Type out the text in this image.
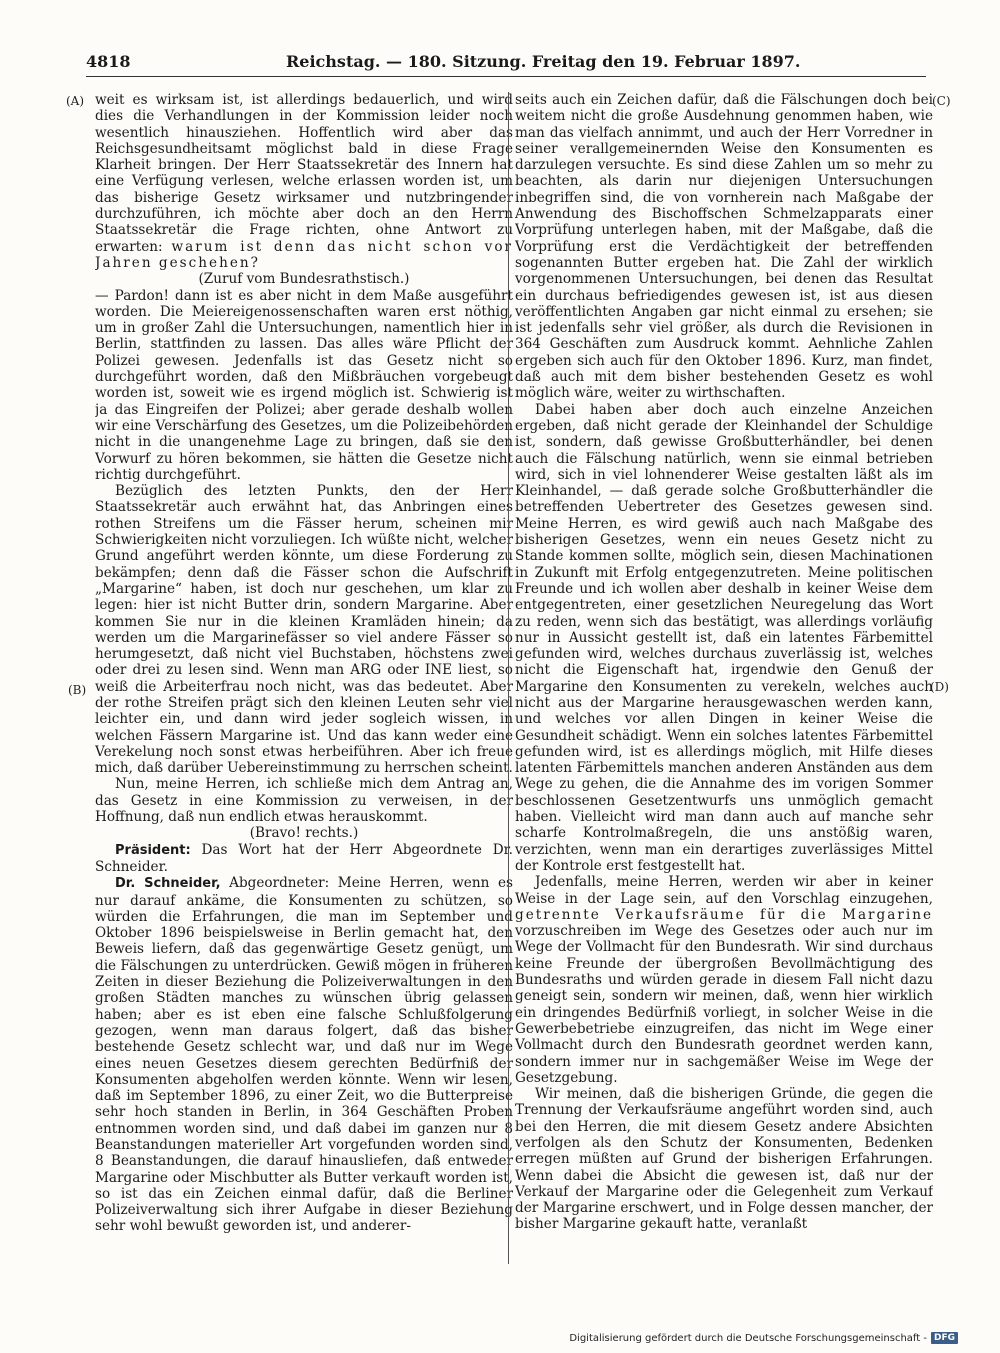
4818	Reichstag. — 180. Sitzung. Freitag den 19. Februar 1897.
(A)
(B)
(C)
(D)

weit es wirksam ist, ist allerdings bedauerlich, und wird dies die Verhandlungen in der Kommission leider noch wesentlich hinausziehen. Hoffentlich wird aber das Reichsgesundheitsamt möglichst bald in diese Frage Klarheit bringen. Der Herr Staatssekretär des Innern hat eine Verfügung verlesen, welche erlassen worden ist, um das bisherige Gesetz wirksamer und nutzbringender durchzuführen, ich möchte aber doch an den Herrn Staatssekretär die Frage richten, ohne Antwort zu erwarten: warum ist denn das nicht schon vor Jahren geschehen?

(Zuruf vom Bundesrathstisch.)

— Pardon! dann ist es aber nicht in dem Maße ausgeführt worden. Die Meiereigenossenschaften waren erst nöthig, um in großer Zahl die Untersuchungen, namentlich hier in Berlin, stattfinden zu lassen. Das alles wäre Pflicht der Polizei gewesen. Jedenfalls ist das Gesetz nicht so durchgeführt worden, daß den Mißbräuchen vorgebeugt worden ist, soweit wie es irgend möglich ist. Schwierig ist ja das Eingreifen der Polizei; aber gerade deshalb wollen wir eine Verschärfung des Gesetzes, um die Polizeibehörden nicht in die unangenehme Lage zu bringen, daß sie den Vorwurf zu hören bekommen, sie hätten die Gesetze nicht richtig durchgeführt.

Bezüglich des letzten Punkts, den der Herr Staatssekretär auch erwähnt hat, das Anbringen eines rothen Streifens um die Fässer herum, scheinen mir Schwierigkeiten nicht vorzuliegen. Ich wüßte nicht, welcher Grund angeführt werden könnte, um diese Forderung zu bekämpfen; denn daß die Fässer schon die Aufschrift „Margarine“ haben, ist doch nur geschehen, um klar zu legen: hier ist nicht Butter drin, sondern Margarine. Aber kommen Sie nur in die kleinen Kramläden hinein; da werden um die Margarinefässer so viel andere Fässer so herumgesetzt, daß nicht viel Buchstaben, höchstens zwei oder drei zu lesen sind. Wenn man ARG oder INE liest, so weiß die Arbeiterfrau noch nicht, was das bedeutet. Aber der rothe Streifen prägt sich den kleinen Leuten sehr viel leichter ein, und dann wird jeder sogleich wissen, in welchen Fässern Margarine ist. Und das kann weder eine Verekelung noch sonst etwas herbeiführen. Aber ich freue mich, daß darüber Uebereinstimmung zu herrschen scheint.

Nun, meine Herren, ich schließe mich dem Antrag an, das Gesetz in eine Kommission zu verweisen, in der Hoffnung, daß nun endlich etwas herauskommt.

(Bravo! rechts.)

Präsident: Das Wort hat der Herr Abgeordnete Dr. Schneider.

Dr. Schneider, Abgeordneter: Meine Herren, wenn es nur darauf ankäme, die Konsumenten zu schützen, so würden die Erfahrungen, die man im September und Oktober 1896 beispielsweise in Berlin gemacht hat, den Beweis liefern, daß das gegenwärtige Gesetz genügt, um die Fälschungen zu unterdrücken. Gewiß mögen in früheren Zeiten in dieser Beziehung die Polizeiverwaltungen in den großen Städten manches zu wünschen übrig gelassen haben; aber es ist eben eine falsche Schlußfolgerung gezogen, wenn man daraus folgert, daß das bisher bestehende Gesetz schlecht war, und daß nur im Wege eines neuen Gesetzes diesem gerechten Bedürfniß der Konsumenten abgeholfen werden könnte. Wenn wir lesen, daß im September 1896, zu einer Zeit, wo die Butterpreise sehr hoch standen in Berlin, in 364 Geschäften Proben entnommen worden sind, und daß dabei im ganzen nur 8 Beanstandungen materieller Art vorgefunden worden sind, 8 Beanstandungen, die darauf hinausliefen, daß entweder Margarine oder Mischbutter als Butter verkauft worden ist, so ist das ein Zeichen einmal dafür, daß die Berliner Polizeiverwaltung sich ihrer Aufgabe in dieser Beziehung sehr wohl bewußt geworden ist, und anderer-

seits auch ein Zeichen dafür, daß die Fälschungen doch bei weitem nicht die große Ausdehnung genommen haben, wie man das vielfach annimmt, und auch der Herr Vorredner in seiner verallgemeinernden Weise den Konsumenten es darzulegen versuchte. Es sind diese Zahlen um so mehr zu beachten, als darin nur diejenigen Untersuchungen inbegriffen sind, die von vornherein nach Maßgabe der Anwendung des Bischoffschen Schmelzapparats einer Vorprüfung unterlegen haben, mit der Maßgabe, daß die Vorprüfung erst die Verdächtigkeit der betreffenden sogenannten Butter ergeben hat. Die Zahl der wirklich vorgenommenen Untersuchungen, bei denen das Resultat ein durchaus befriedigendes gewesen ist, ist aus diesen veröffentlichten Angaben gar nicht einmal zu ersehen; sie ist jedenfalls sehr viel größer, als durch die Revisionen in 364 Geschäften zum Ausdruck kommt. Aehnliche Zahlen ergeben sich auch für den Oktober 1896. Kurz, man findet, daß auch mit dem bisher bestehenden Gesetz es wohl möglich wäre, weiter zu wirthschaften.

Dabei haben aber doch auch einzelne Anzeichen ergeben, daß nicht gerade der Kleinhandel der Schuldige ist, sondern, daß gewisse Großbutterhändler, bei denen auch die Fälschung natürlich, wenn sie einmal betrieben wird, sich in viel lohnenderer Weise gestalten läßt als im Kleinhandel, — daß gerade solche Großbutterhändler die betreffenden Uebertreter des Gesetzes gewesen sind. Meine Herren, es wird gewiß auch nach Maßgabe des bisherigen Gesetzes, wenn ein neues Gesetz nicht zu Stande kommen sollte, möglich sein, diesen Machinationen in Zukunft mit Erfolg entgegenzutreten. Meine politischen Freunde und ich wollen aber deshalb in keiner Weise dem entgegentreten, einer gesetzlichen Neuregelung das Wort zu reden, wenn sich das bestätigt, was allerdings vorläufig nur in Aussicht gestellt ist, daß ein latentes Färbemittel gefunden wird, welches durchaus zuverlässig ist, welches nicht die Eigenschaft hat, irgendwie den Genuß der Margarine den Konsumenten zu verekeln, welches auch nicht aus der Margarine herausgewaschen werden kann, und welches vor allen Dingen in keiner Weise die Gesundheit schädigt. Wenn ein solches latentes Färbemittel gefunden wird, ist es allerdings möglich, mit Hilfe dieses latenten Färbemittels manchen anderen Anständen aus dem Wege zu gehen, die die Annahme des im vorigen Sommer beschlossenen Gesetzentwurfs uns unmöglich gemacht haben. Vielleicht wird man dann auch auf manche sehr scharfe Kontrolmaßregeln, die uns anstößig waren, verzichten, wenn man ein derartiges zuverlässiges Mittel der Kontrole erst festgestellt hat.

Jedenfalls, meine Herren, werden wir aber in keiner Weise in der Lage sein, auf den Vorschlag einzugehen, getrennte Verkaufsräume für die Margarine vorzuschreiben im Wege des Gesetzes oder auch nur im Wege der Vollmacht für den Bundesrath. Wir sind durchaus keine Freunde der übergroßen Bevollmächtigung des Bundesraths und würden gerade in diesem Fall nicht dazu geneigt sein, sondern wir meinen, daß, wenn hier wirklich ein dringendes Bedürfniß vorliegt, in solcher Weise in die Gewerbebetriebe einzugreifen, das nicht im Wege einer Vollmacht durch den Bundesrath geordnet werden kann, sondern immer nur in sachgemäßer Weise im Wege der Gesetzgebung.

Wir meinen, daß die bisherigen Gründe, die gegen die Trennung der Verkaufsräume angeführt worden sind, auch bei den Herren, die mit diesem Gesetz andere Absichten verfolgen als den Schutz der Konsumenten, Bedenken erregen müßten auf Grund der bisherigen Erfahrungen. Wenn dabei die Absicht die gewesen ist, daß nur der Verkauf der Margarine oder die Gelegenheit zum Verkauf der Margarine erschwert, und in Folge dessen mancher, der bisher Margarine gekauft hatte, veranlaßt

Digitalisierung gefördert durch die Deutsche Forschungsgemeinschaft - DFG
